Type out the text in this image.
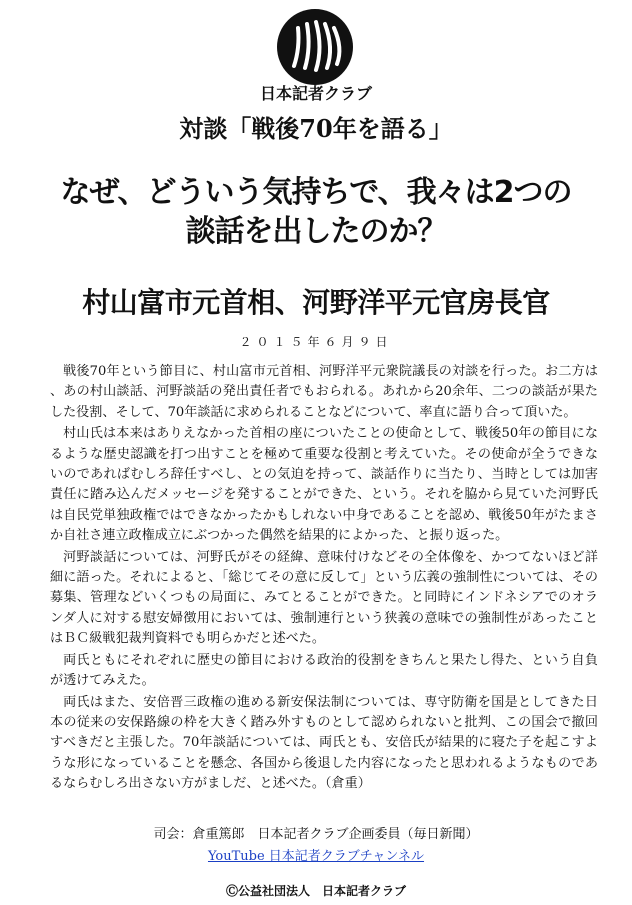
日本記者クラブ
対談「戦後70年を語る」
なぜ、どういう気持ちで、我々は2つの
談話を出したのか？
村山富市元首相、河野洋平元官房長官
２０１５年６月９日

戦後70年という節目に、村山富市元首相、河野洋平元衆院議長の対談を行った。お二方は、あの村山談話、河野談話の発出責任者でもおられる。あれから20余年、二つの談話が果たした役割、そして、70年談話に求められることなどについて、率直に語り合って頂いた。

村山氏は本来はありえなかった首相の座についたことの使命として、戦後50年の節目になるような歴史認識を打つ出すことを極めて重要な役割と考えていた。その使命が全うできないのであればむしろ辞任すべし、との気迫を持って、談話作りに当たり、当時としては加害責任に踏み込んだメッセージを発することができた、という。それを脇から見ていた河野氏は自民党単独政権ではできなかったかもしれない中身であることを認め、戦後50年がたまさか自社さ連立政権成立にぶつかった偶然を結果的によかった、と振り返った。

河野談話については、河野氏がその経緯、意味付けなどその全体像を、かつてないほど詳細に語った。それによると、「総じてその意に反して」という広義の強制性については、その募集、管理などいくつもの局面に、みてとることができた。と同時にインドネシアでのオランダ人に対する慰安婦徴用においては、強制連行という狭義の意味での強制性があったことはＢＣ級戦犯裁判資料でも明らかだと述べた。

両氏ともにそれぞれに歴史の節目における政治的役割をきちんと果たし得た、という自負が透けてみえた。

両氏はまた、安倍晋三政権の進める新安保法制については、専守防衛を国是としてきた日本の従来の安保路線の枠を大きく踏み外すものとして認められないと批判、この国会で撤回すべきだと主張した。70年談話については、両氏とも、安倍氏が結果的に寝た子を起こすような形になっていることを懸念、各国から後退した内容になったと思われるようなものであるならむしろ出さない方がましだ、と述べた。（倉重）

司会：倉重篤郎　日本記者クラブ企画委員（毎日新聞）
YouTube 日本記者クラブチャンネル
Ⓒ公益社団法人　日本記者クラブ
